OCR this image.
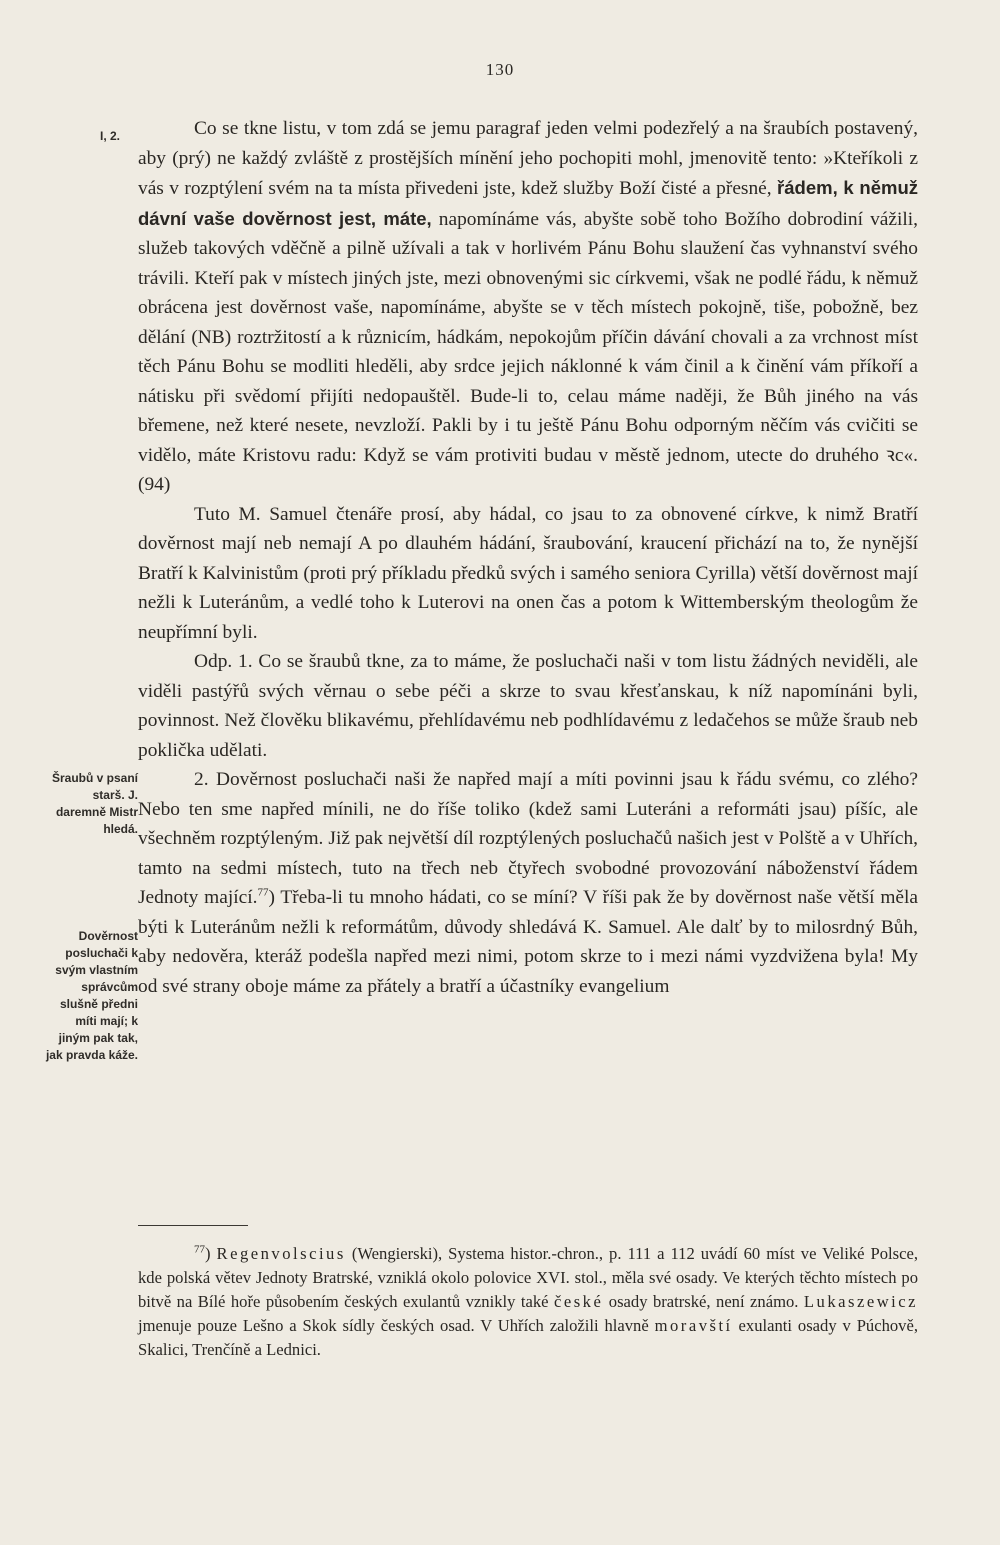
130
I, 2.
Šraubů v psaní starš. J. daremně Mistr hledá.
Dověrnost posluchači k svým vlastním správcům slušně předni míti mají; k jiným pak tak, jak pravda káže.

Co se tkne listu, v tom zdá se jemu paragraf jeden velmi podezřelý a na šraubích postavený, aby (prý) ne každý zvláště z prostějších mínění jeho pochopiti mohl, jmenovitě tento: »Kteříkoli z vás v rozptýlení svém na ta místa přivedeni jste, kdež služby Boží čisté a přesné, řádem, k němuž dávní vaše dověrnost jest, máte, napomínáme vás, abyšte sobě toho Božího dobrodiní vážili, služeb takových vděčně a pilně užívali a tak v horlivém Pánu Bohu slaužení čas vyhnanství svého trávili. Kteří pak v místech jiných jste, mezi obnovenými sic církvemi, však ne podlé řádu, k němuž obrácena jest dověrnost vaše, napomínáme, abyšte se v těch místech pokojně, tiše, pobožně, bez dělání (NB) roztržitostí a k různicím, hádkám, nepokojům příčin dávání chovali a za vrchnost míst těch Pánu Bohu se modliti hleděli, aby srdce jejich náklonné k vám činil a k činění vám příkoří a nátisku při svědomí přijíti nedopauštěl. Bude-li to, celau máme naději, že Bůh jiného na vás břemene, než které nesete, nevzloží. Pakli by i tu ještě Pánu Bohu odporným něčím vás cvičiti se vidělo, máte Kristovu radu: Když se vám protiviti budau v městě jednom, utecte do druhého ꝛc«. (94)

Tuto M. Samuel čtenáře prosí, aby hádal, co jsau to za obnovené církve, k nimž Bratří dověrnost mají neb nemají A po dlauhém hádání, šraubování, kraucení přichází na to, že nynější Bratří k Kalvinistům (proti prý příkladu předků svých i samého seniora Cyrilla) větší dověrnost mají nežli k Luteránům, a vedlé toho k Luterovi na onen čas a potom k Wittemberským theologům že neupřímní byli.

Odp. 1. Co se šraubů tkne, za to máme, že posluchači naši v tom listu žádných neviděli, ale viděli pastýřů svých věrnau o sebe péči a skrze to svau křesťanskau, k níž napomínáni byli, povinnost. Než člověku blikavému, přehlídavému neb podhlídavému z ledačehos se může šraub neb poklička udělati.

2. Dověrnost posluchači naši že napřed mají a míti povinni jsau k řádu svému, co zlého? Nebo ten sme napřed mínili, ne do říše toliko (kdež sami Luteráni a reformáti jsau) píšíc, ale všechněm rozptýleným. Již pak největší díl rozptýlených posluchačů našich jest v Polště a v Uhřích, tamto na sedmi místech, tuto na třech neb čtyřech svobodné provozování náboženství řádem Jednoty mající.$^{77}$) Třeba-li tu mnoho hádati, co se míní? V říši pak že by dověrnost naše větší měla býti k Luteránům nežli k reformátům, důvody shledává K. Samuel. Ale dalť by to milosrdný Bůh, aby nedověra, kteráž podešla napřed mezi nimi, potom skrze to i mezi námi vyzdvižena byla! My od své strany oboje máme za přátely a bratří a účastníky evangelium

$^{77}$) Regenvolscius (Wengierski), Systema histor.-chron., p. 111 a 112 uvádí 60 míst ve Veliké Polsce, kde polská větev Jednoty Bratrské, vzniklá okolo polovice XVI. stol., měla své osady. Ve kterých těchto místech po bitvě na Bílé hoře působením českých exulantů vznikly také české osady bratrské, není známo. Lukaszewicz jmenuje pouze Lešno a Skok sídly českých osad. V Uhřích založili hlavně moravští exulanti osady v Púchově, Skalici, Trenčíně a Lednici.
